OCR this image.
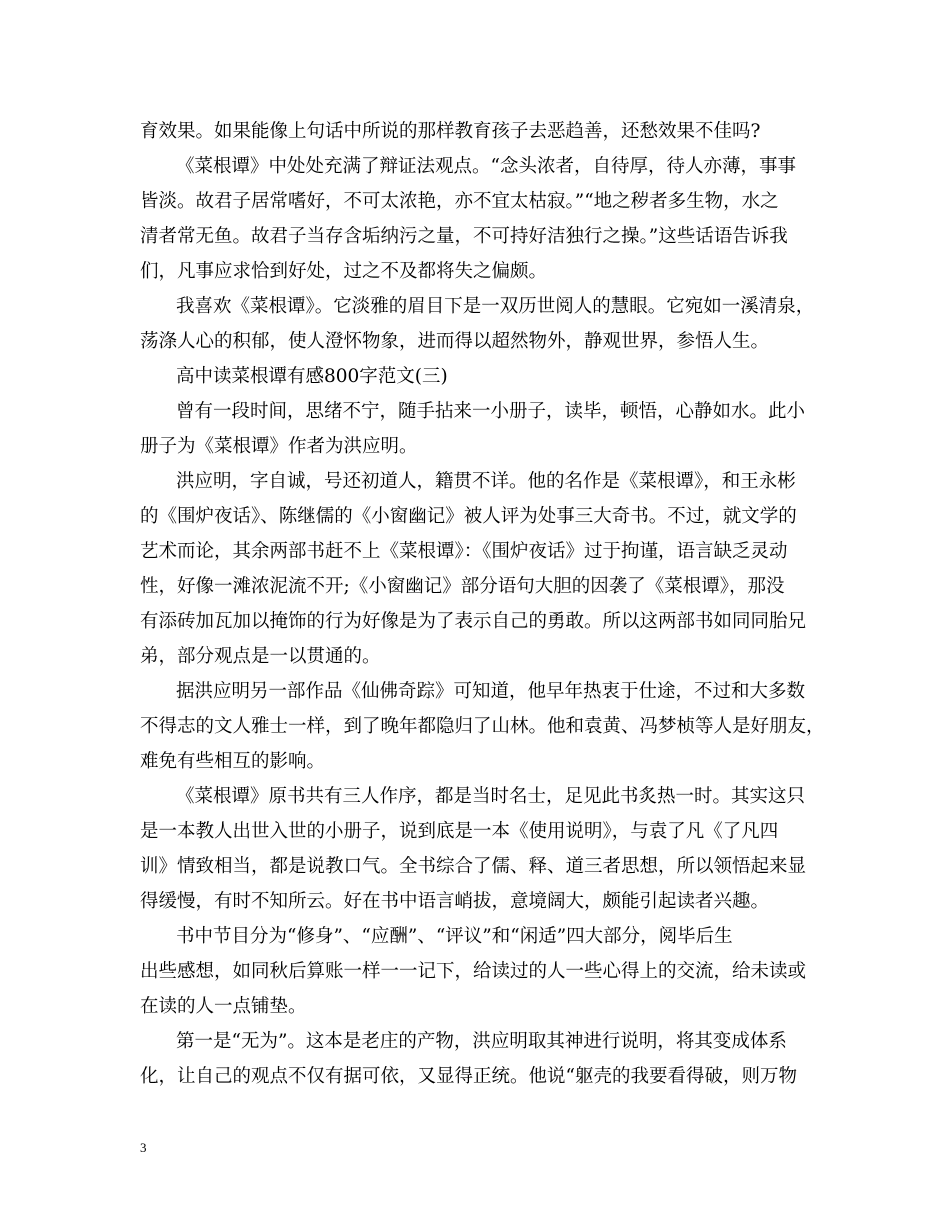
育效果。如果能像上句话中所说的那样教育孩子去恶趋善，还愁效果不佳吗?
《菜根谭》中处处充满了辩证法观点。“念头浓者，自待厚，待人亦薄，事事
皆淡。故君子居常嗜好，不可太浓艳，亦不宜太枯寂。”“地之秽者多生物，水之
清者常无鱼。故君子当存含垢纳污之量，不可持好洁独行之操。”这些话语告诉我
们，凡事应求恰到好处，过之不及都将失之偏颇。
我喜欢《菜根谭》。它淡雅的眉目下是一双历世阅人的慧眼。它宛如一溪清泉，
荡涤人心的积郁，使人澄怀物象，进而得以超然物外，静观世界，参悟人生。
高中读菜根谭有感800字范文(三)
曾有一段时间，思绪不宁，随手拈来一小册子，读毕，顿悟，心静如水。此小
册子为《菜根谭》作者为洪应明。
洪应明，字自诚，号还初道人，籍贯不详。他的名作是《菜根谭》，和王永彬
的《围炉夜话》、陈继儒的《小窗幽记》被人评为处事三大奇书。不过，就文学的
艺术而论，其余两部书赶不上《菜根谭》：《围炉夜话》过于拘谨，语言缺乏灵动
性，好像一滩浓泥流不开;《小窗幽记》部分语句大胆的因袭了《菜根谭》，那没
有添砖加瓦加以掩饰的行为好像是为了表示自己的勇敢。所以这两部书如同同胎兄
弟，部分观点是一以贯通的。
据洪应明另一部作品《仙佛奇踪》可知道，他早年热衷于仕途，不过和大多数
不得志的文人雅士一样，到了晚年都隐归了山林。他和袁黄、冯梦桢等人是好朋友，
难免有些相互的影响。
《菜根谭》原书共有三人作序，都是当时名士，足见此书炙热一时。其实这只
是一本教人出世入世的小册子，说到底是一本《使用说明》，与袁了凡《了凡四
训》情致相当，都是说教口气。全书综合了儒、释、道三者思想，所以领悟起来显
得缓慢，有时不知所云。好在书中语言峭拔，意境阔大，颇能引起读者兴趣。
书中节目分为“修身”、“应酬”、“评议”和“闲适”四大部分，阅毕后生
出些感想，如同秋后算账一样一一记下，给读过的人一些心得上的交流，给未读或
在读的人一点铺垫。
第一是“无为”。这本是老庄的产物，洪应明取其神进行说明，将其变成体系
化，让自己的观点不仅有据可依，又显得正统。他说“躯壳的我要看得破，则万物
3
